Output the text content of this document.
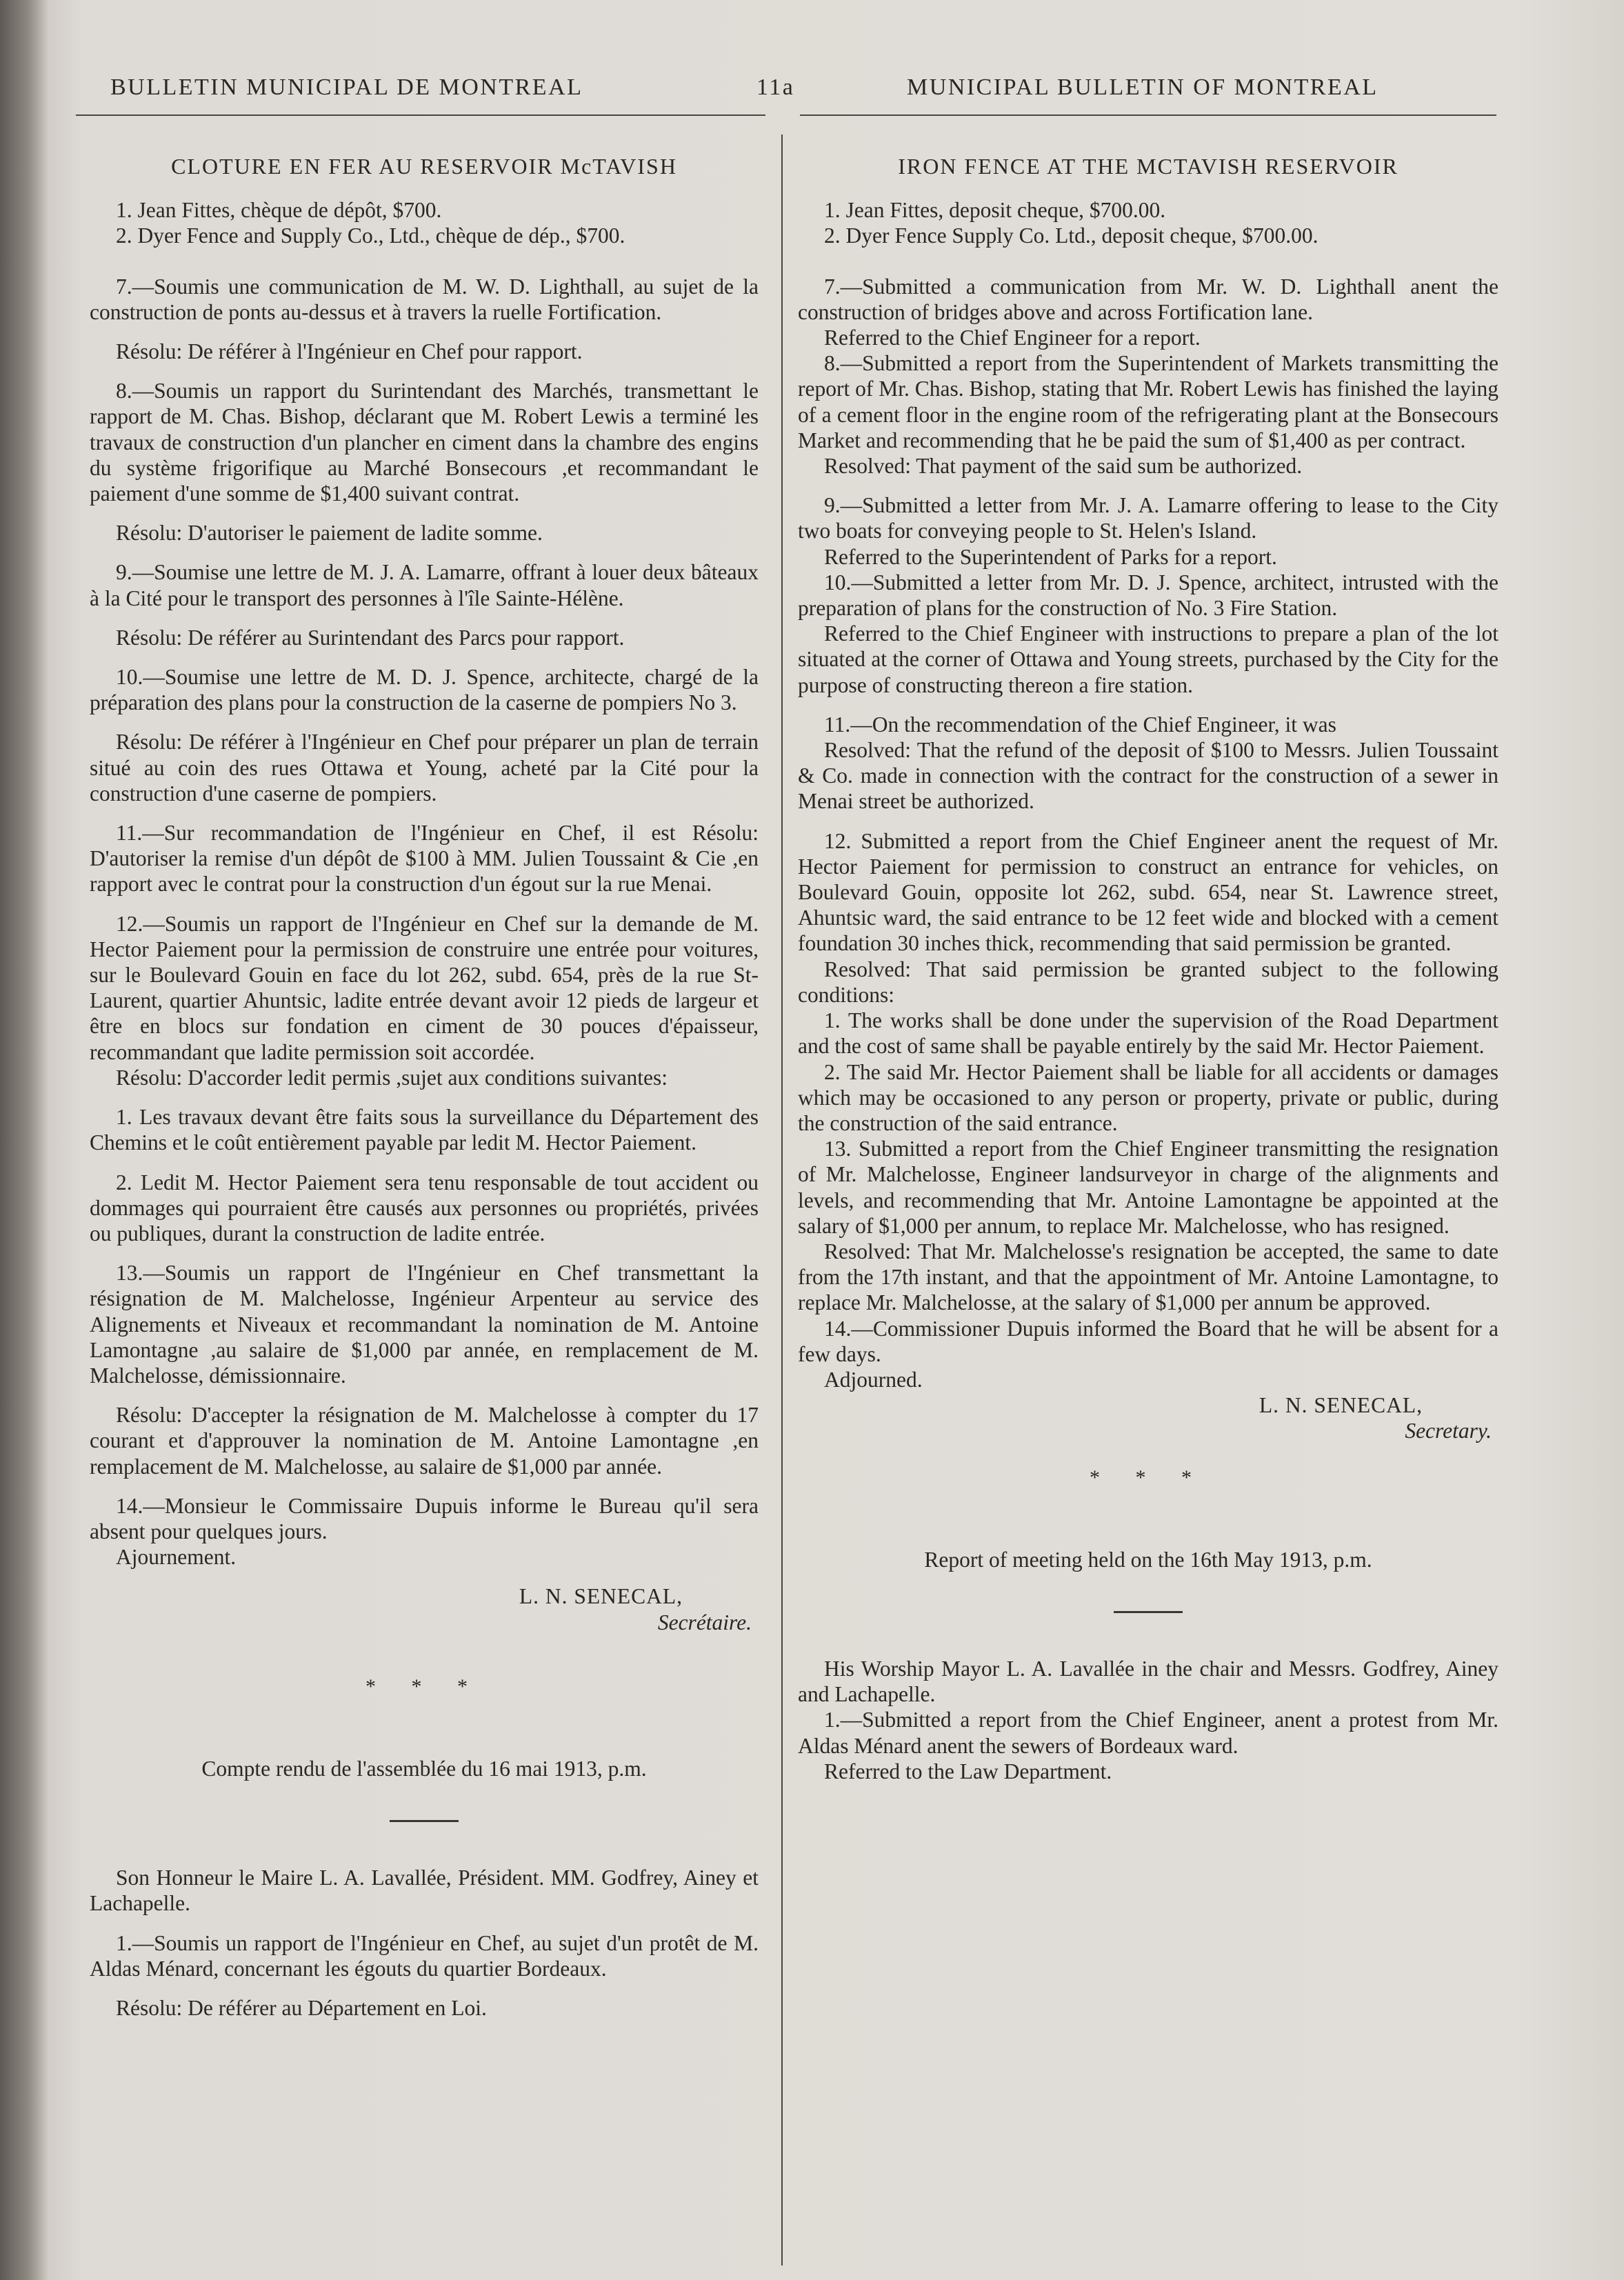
BULLETIN MUNICIPAL DE MONTREAL	11a	MUNICIPAL BULLETIN OF MONTREAL
CLOTURE EN FER AU RESERVOIR McTAVISH

1. Jean Fittes, chèque de dépôt, $700.

2. Dyer Fence and Supply Co., Ltd., chèque de dép., $700.

7.—Soumis une communication de M. W. D. Lighthall, au sujet de la construction de ponts au-dessus et à travers la ruelle Fortification.

Résolu: De référer à l'Ingénieur en Chef pour rapport.

8.—Soumis un rapport du Surintendant des Marchés, transmettant le rapport de M. Chas. Bishop, déclarant que M. Robert Lewis a terminé les travaux de construction d'un plancher en ciment dans la chambre des engins du système frigorifique au Marché Bonsecours ,et recommandant le paiement d'une somme de $1,400 suivant contrat.

Résolu: D'autoriser le paiement de ladite somme.

9.—Soumise une lettre de M. J. A. Lamarre, offrant à louer deux bâteaux à la Cité pour le transport des personnes à l'île Sainte-Hélène.

Résolu: De référer au Surintendant des Parcs pour rapport.

10.—Soumise une lettre de M. D. J. Spence, architecte, chargé de la préparation des plans pour la construction de la caserne de pompiers No 3.

Résolu: De référer à l'Ingénieur en Chef pour préparer un plan de terrain situé au coin des rues Ottawa et Young, acheté par la Cité pour la construction d'une caserne de pompiers.

11.—Sur recommandation de l'Ingénieur en Chef, il est Résolu: D'autoriser la remise d'un dépôt de $100 à MM. Julien Toussaint & Cie ,en rapport avec le contrat pour la construction d'un égout sur la rue Menai.

12.—Soumis un rapport de l'Ingénieur en Chef sur la demande de M. Hector Paiement pour la permission de construire une entrée pour voitures, sur le Boulevard Gouin en face du lot 262, subd. 654, près de la rue St-Laurent, quartier Ahuntsic, ladite entrée devant avoir 12 pieds de largeur et être en blocs sur fondation en ciment de 30 pouces d'épaisseur, recommandant que ladite permission soit accordée.

Résolu: D'accorder ledit permis ,sujet aux conditions suivantes:

1. Les travaux devant être faits sous la surveillance du Département des Chemins et le coût entièrement payable par ledit M. Hector Paiement.

2. Ledit M. Hector Paiement sera tenu responsable de tout accident ou dommages qui pourraient être causés aux personnes ou propriétés, privées ou publiques, durant la construction de ladite entrée.

13.—Soumis un rapport de l'Ingénieur en Chef transmettant la résignation de M. Malchelosse, Ingénieur Arpenteur au service des Alignements et Niveaux et recommandant la nomination de M. Antoine Lamontagne ,au salaire de $1,000 par année, en remplacement de M. Malchelosse, démissionnaire.

Résolu: D'accepter la résignation de M. Malchelosse à compter du 17 courant et d'approuver la nomination de M. Antoine Lamontagne ,en remplacement de M. Malchelosse, au salaire de $1,000 par année.

14.—Monsieur le Commissaire Dupuis informe le Bureau qu'il sera absent pour quelques jours.

Ajournement.

L. N. SENECAL,
Secrétaire.
* * *
Compte rendu de l'assemblée du 16 mai 1913, p.m.

Son Honneur le Maire L. A. Lavallée, Président. MM. Godfrey, Ainey et Lachapelle.

1.—Soumis un rapport de l'Ingénieur en Chef, au sujet d'un protêt de M. Aldas Ménard, concernant les égouts du quartier Bordeaux.

Résolu: De référer au Département en Loi.

IRON FENCE AT THE MCTAVISH RESERVOIR

1. Jean Fittes, deposit cheque, $700.00.

2. Dyer Fence Supply Co. Ltd., deposit cheque, $700.00.

7.—Submitted a communication from Mr. W. D. Lighthall anent the construction of bridges above and across Fortification lane.

Referred to the Chief Engineer for a report.

8.—Submitted a report from the Superintendent of Markets transmitting the report of Mr. Chas. Bishop, stating that Mr. Robert Lewis has finished the laying of a cement floor in the engine room of the refrigerating plant at the Bonsecours Market and recommending that he be paid the sum of $1,400 as per contract.

Resolved: That payment of the said sum be authorized.

9.—Submitted a letter from Mr. J. A. Lamarre offering to lease to the City two boats for conveying people to St. Helen's Island.

Referred to the Superintendent of Parks for a report.

10.—Submitted a letter from Mr. D. J. Spence, architect, intrusted with the preparation of plans for the construction of No. 3 Fire Station.

Referred to the Chief Engineer with instructions to prepare a plan of the lot situated at the corner of Ottawa and Young streets, purchased by the City for the purpose of constructing thereon a fire station.

11.—On the recommendation of the Chief Engineer, it was

Resolved: That the refund of the deposit of $100 to Messrs. Julien Toussaint & Co. made in connection with the contract for the construction of a sewer in Menai street be authorized.

12. Submitted a report from the Chief Engineer anent the request of Mr. Hector Paiement for permission to construct an entrance for vehicles, on Boulevard Gouin, opposite lot 262, subd. 654, near St. Lawrence street, Ahuntsic ward, the said entrance to be 12 feet wide and blocked with a cement foundation 30 inches thick, recommending that said permission be granted.

Resolved: That said permission be granted subject to the following conditions:

1. The works shall be done under the supervision of the Road Department and the cost of same shall be payable entirely by the said Mr. Hector Paiement.

2. The said Mr. Hector Paiement shall be liable for all accidents or damages which may be occasioned to any person or property, private or public, during the construction of the said entrance.

13. Submitted a report from the Chief Engineer transmitting the resignation of Mr. Malchelosse, Engineer landsurveyor in charge of the alignments and levels, and recommending that Mr. Antoine Lamontagne be appointed at the salary of $1,000 per annum, to replace Mr. Malchelosse, who has resigned.

Resolved: That Mr. Malchelosse's resignation be accepted, the same to date from the 17th instant, and that the appointment of Mr. Antoine Lamontagne, to replace Mr. Malchelosse, at the salary of $1,000 per annum be approved.

14.—Commissioner Dupuis informed the Board that he will be absent for a few days.

Adjourned.

L. N. SENECAL,
Secretary.
* * *
Report of meeting held on the 16th May 1913, p.m.

His Worship Mayor L. A. Lavallée in the chair and Messrs. Godfrey, Ainey and Lachapelle.

1.—Submitted a report from the Chief Engineer, anent a protest from Mr. Aldas Ménard anent the sewers of Bordeaux ward.

Referred to the Law Department.
